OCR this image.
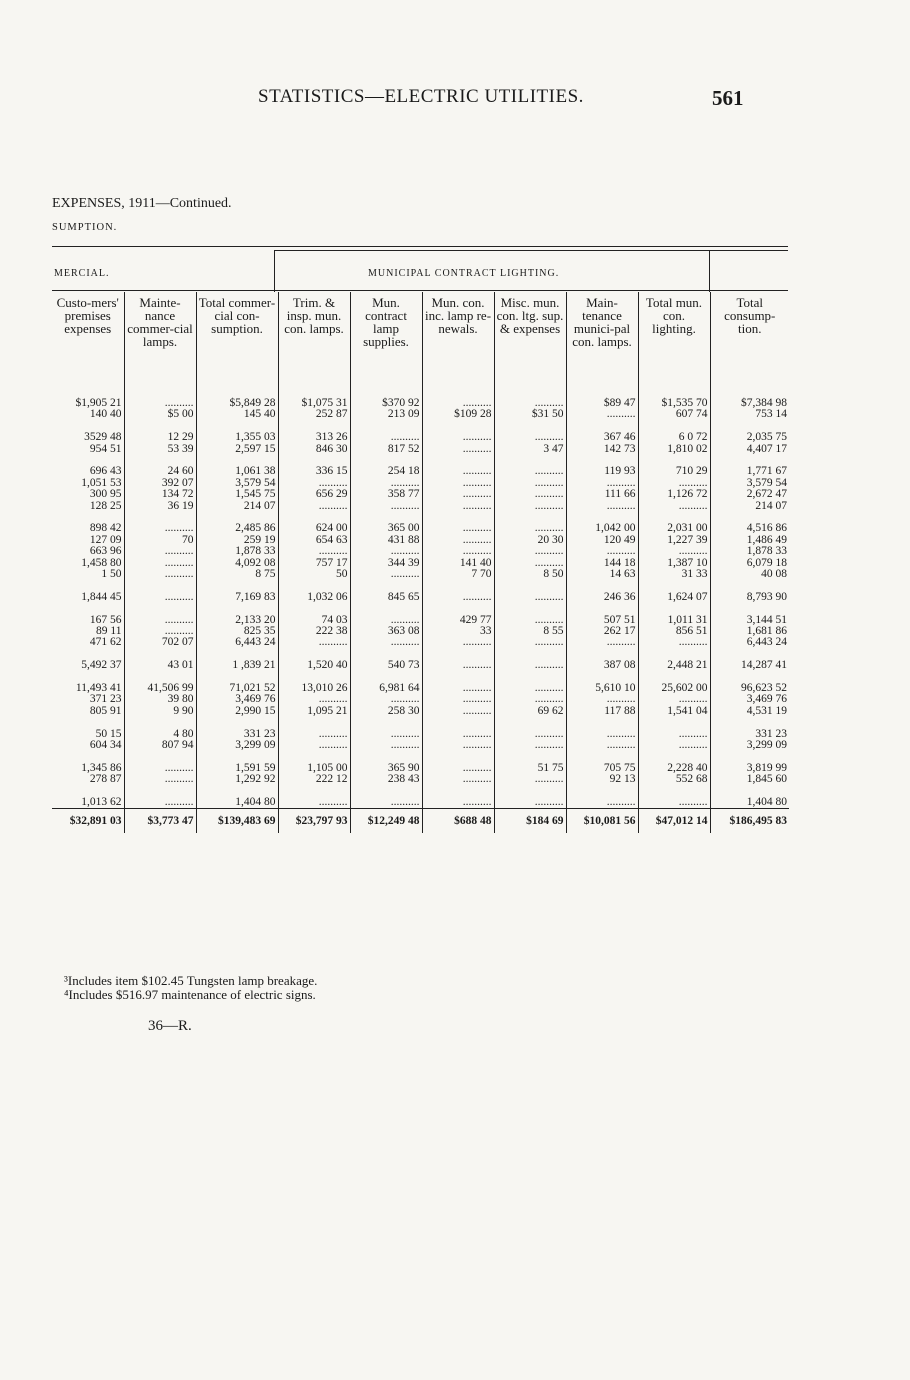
STATISTICS—ELECTRIC UTILITIES.	561
EXPENSES, 1911—Continued.
SUMPTION.
MERCIAL.	MUNICIPAL CONTRACT LIGHTING.
Custo-mers' premises expenses	Mainte-nance commer-cial lamps.	Total commer-cial con-sumption.	Trim. & insp. mun. con. lamps.	Mun. contract lamp supplies.	Mun. con. inc. lamp re-newals.	Misc. mun. con. ltg. sup. & expenses	Main-tenance munici-pal con. lamps.	Total mun. con. lighting.	Total consump-tion.

$1,905 21	..........	$5,849 28	$1,075 31	$370 92	..........	..........	$89 47	$1,535 70	$7,384 98
140 40	$5 00	145 40	252 87	213 09	$109 28	$31 50	..........	607 74	753 14

3529 48	12 29	1,355 03	313 26	..........	..........	..........	367 46	6 0 72	2,035 75
954 51	53 39	2,597 15	846 30	817 52	..........	3 47	142 73	1,810 02	4,407 17

696 43	24 60	1,061 38	336 15	254 18	..........	..........	119 93	710 29	1,771 67
1,051 53	392 07	3,579 54	..........	..........	..........	..........	..........	..........	3,579 54
300 95	134 72	1,545 75	656 29	358 77	..........	..........	111 66	1,126 72	2,672 47
128 25	36 19	214 07	..........	..........	..........	..........	..........	..........	214 07

898 42	..........	2,485 86	624 00	365 00	..........	..........	1,042 00	2,031 00	4,516 86
127 09	70	259 19	654 63	431 88	..........	20 30	120 49	1,227 39	1,486 49
663 96	..........	1,878 33	..........	..........	..........	..........	..........	..........	1,878 33
1,458 80	..........	4,092 08	757 17	344 39	141 40	..........	144 18	1,387 10	6,079 18
1 50	..........	8 75	50	..........	7 70	8 50	14 63	31 33	40 08

1,844 45	..........	7,169 83	1,032 06	845 65	..........	..........	246 36	1,624 07	8,793 90

167 56	..........	2,133 20	74 03	..........	429 77	..........	507 51	1,011 31	3,144 51
89 11	..........	825 35	222 38	363 08	33	8 55	262 17	856 51	1,681 86
471 62	702 07	6,443 24	..........	..........	..........	..........	..........	..........	6,443 24

5,492 37	43 01	1 ,839 21	1,520 40	540 73	..........	..........	387 08	2,448 21	14,287 41

11,493 41	41,506 99	71,021 52	13,010 26	6,981 64	..........	..........	5,610 10	25,602 00	96,623 52
371 23	39 80	3,469 76	..........	..........	..........	..........	..........	..........	3,469 76
805 91	9 90	2,990 15	1,095 21	258 30	..........	69 62	117 88	1,541 04	4,531 19

50 15	4 80	331 23	..........	..........	..........	..........	..........	..........	331 23
604 34	807 94	3,299 09	..........	..........	..........	..........	..........	..........	3,299 09

1,345 86	..........	1,591 59	1,105 00	365 90	..........	51 75	705 75	2,228 40	3,819 99
278 87	..........	1,292 92	222 12	238 43	..........	..........	92 13	552 68	1,845 60

1,013 62	..........	1,404 80	..........	..........	..........	..........	..........	..........	1,404 80
$32,891 03	$3,773 47	$139,483 69	$23,797 93	$12,249 48	$688 48	$184 69	$10,081 56	$47,012 14	$186,495 83
³Includes item $102.45 Tungsten lamp breakage.
⁴Includes $516.97 maintenance of electric signs.
36—R.
